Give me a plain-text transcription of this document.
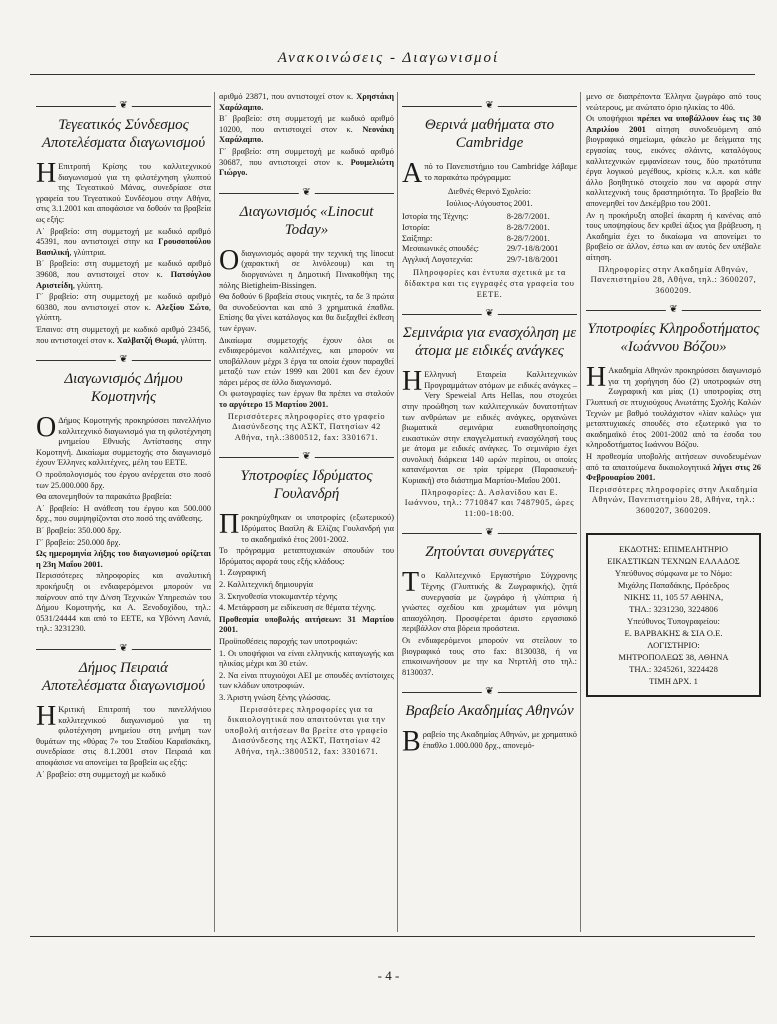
Ανακοινώσεις - Διαγωνισμοί
❦
Τεγεατικός Σύνδεσμος Αποτελέσματα διαγωνισμού

Η Επιτροπή Κρίσης του καλλιτεχνικού διαγωνισμού για τη φιλοτέχνηση γλυπτού της Τεγεατικού Μάνας, συνεδρίασε στα γραφεία του Τεγεατικού Συνδέσμου στην Αθήνα, στις 3.1.2001 και αποφάσισε να δοθούν τα βραβεία ως εξής:

Α΄ βραβείο: στη συμμετοχή με κωδικό αριθμό 45391, που αντιστοιχεί στην κα Γρουσοπούλου Βασιλική, γλύπτρια.

Β΄ βραβείο: στη συμμετοχή με κωδικό αριθμό 39608, που αντιστοιχεί στον κ. Πατσόγλου Αριστείδη, γλύπτη.

Γ΄ βραβείο: στη συμμετοχή με κωδικό αριθμό 60380, που αντιστοιχεί στον κ. Αλεξίου Σώτο, γλύπτη.

Έπαινο: στη συμμετοχή με κωδικό αριθμό 23456, που αντιστοιχεί στον κ. Χαλβατζή Θωμά, γλύπτη.

❦
Διαγωνισμός Δήμου Κομοτηνής

Ο Δήμος Κομοτηνής προκηρύσσει πανελλήνιο καλλιτεχνικό διαγωνισμό για τη φιλοτέχνηση μνημείου Εθνικής Αντίστασης στην Κομοτηνή. Δικαίωμα συμμετοχής στο διαγωνισμό έχουν Έλληνες καλλιτέχνες, μέλη του ΕΕΤΕ.

Ο προϋπολογισμός του έργου ανέρχεται στο ποσό των 25.000.000 δρχ.

Θα απονεμηθούν τα παρακάτω βραβεία:

Α΄ βραβείο: Η ανάθεση του έργου και 500.000 δρχ., που συμψηφίζονται στο ποσό της ανάθεσης.

Β΄ βραβείο: 350.000 δρχ.

Γ΄ βραβείο: 250.000 δρχ.

Ως ημερομηνία λήξης του διαγωνισμού ορίζεται η 23η Μαΐου 2001.

Περισσότερες πληροφορίες και αναλυτική προκήρυξη οι ενδιαφερόμενοι μπορούν να παίρνουν από την Δ/νση Τεχνικών Υπηρεσιών του Δήμου Κομοτηνής, κα Α. Ξενοδοχίδου, τηλ.: 0531/24444 και από το ΕΕΤΕ, κα Υβόννη Λανιά, τηλ.: 3231230.

❦
Δήμος Πειραιά Αποτελέσματα διαγωνισμού

Η Κριτική Επιτροπή του πανελλήνιου καλλιτεχνικού διαγωνισμού για τη φιλοτέχνηση μνημείου στη μνήμη των θυμάτων της «θύρας 7» του Σταδίου Καραϊσκάκη, συνεδρίασε στις 8.1.2001 στον Πειραιά και αποφάσισε να απονείμει τα βραβεία ως εξής:

Α΄ βραβείο: στη συμμετοχή με κωδικό

αριθμό 23871, που αντιστοιχεί στον κ. Χρηστάκη Χαράλαμπο.

Β΄ βραβείο: στη συμμετοχή με κωδικό αριθμό 10200, που αντιστοιχεί στον κ. Νεονάκη Χαράλαμπο.

Γ΄ βραβείο: στη συμμετοχή με κωδικό αριθμό 30687, που αντιστοιχεί στον κ. Ρουμελιώτη Γιώργο.

❦
Διαγωνισμός «Linocut Today»

Οδιαγωνισμός αφορά την τεχνική της linocut (χαρακτική σε λινόλεουμ) και τη διοργανώνει η Δημοτική Πινακοθήκη της πόλης Bietigheim-Bissingen.

Θα δοθούν 6 βραβεία στους νικητές, τα δε 3 πρώτα θα συνοδεύονται και από 3 χρηματικά έπαθλα. Επίσης θα γίνει κατάλογος και θα διεξαχθεί έκθεση των έργων.

Δικαίωμα συμμετοχής έχουν όλοι οι ενδιαφερόμενοι καλλιτέχνες, και μπορούν να υποβάλλουν μέχρι 3 έργα τα οποία έχουν παραχθεί μεταξύ των ετών 1999 και 2001 και δεν έχουν πάρει μέρος σε άλλο διαγωνισμό.

Οι φωτογραφίες των έργων θα πρέπει να σταλούν το αργότερο 15 Μαρτίου 2001.

Περισσότερες πληροφορίες στο γραφείο Διασύνδεσης της ΑΣΚΤ, Πατησίων 42 Αθήνα, τηλ.:3800512, fax: 3301671.

❦
Υποτροφίες Ιδρύματος Γουλανδρή

Προκηρύχθηκαν οι υποτροφίες (εξωτερικού) Ιδρύματος Βασίλη & Ελίζας Γουλανδρή για το ακαδημαϊκό έτος 2001-2002.

Το πρόγραμμα μεταπτυχιακών σπουδών του Ιδρύματος αφορά τους εξής κλάδους:

1. Ζωγραφική

2. Καλλιτεχνική δημιουργία

3. Σκηνοθεσία ντοκυμαντέρ τέχνης

4. Μετάφραση με ειδίκευση σε θέματα τέχνης.

Προθεσμία υποβολής αιτήσεων: 31 Μαρτίου 2001.

Προϋποθέσεις παροχής των υποτροφιών:

1. Οι υποψήφιοι να είναι ελληνικής καταγωγής και ηλικίας μέχρι και 30 ετών.

2. Να είναι πτυχιούχοι ΑΕΙ με σπουδές αντίστοιχες των κλάδων υποτροφιών.

3. Άριστη γνώση ξένης γλώσσας.

Περισσότερες πληροφορίες για τα δικαιολογητικά που απαιτούνται για την υποβολή αιτήσεων θα βρείτε στο γραφείο Διασύνδεσης της ΑΣΚΤ, Πατησίων 42 Αθήνα, τηλ.:3800512, fax: 3301671.

❦
Θερινά μαθήματα στο Cambridge

Από το Πανεπιστήμιο του Cambridge λάβαμε το παρακάτω πρόγραμμα:

Διεθνές Θερινό Σχολείο:

Ιούλιος-Αύγουστος 2001.

Ιστορία της Τέχνης:	8-28/7/2001.
Ιστορία:	8-28/7/2001.
Σαίξπηρ:	8-28/7/2001.
Μεσαιωνικές σπουδές:	29/7-18/8/2001
Αγγλική Λογοτεχνία:	29/7-18/8/2001

Πληροφορίες και έντυπα σχετικά με τα δίδακτρα και τις εγγραφές στα γραφεία του ΕΕΤΕ.

❦
Σεμινάρια για ενασχόληση με άτομα με ειδικές ανάγκες

Η Ελληνική Εταιρεία Καλλιτεχνικών Προγραμμάτων ατόμων με ειδικές ανάγκες – Very Speweial Arts Hellas, που στοχεύει στην προώθηση των καλλιτεχνικών δυνατοτήτων των ανθρώπων με ειδικές ανάγκες, οργανώνει βιωματικά σεμινάρια ευαισθητοποίησης εικαστικών στην επαγγελματική ενασχόλησή τους με άτομα με ειδικές ανάγκες. Το σεμινάριο έχει συνολική διάρκεια 140 ωρών περίπου, οι οποίες κατανέμονται σε τρία τρίμερα (Παρασκευή-Κυριακή) στο διάστημα Μαρτίου-Μαΐου 2001.

Πληροφορίες: Δ. Ασλανίδου και Ε. Ιωάννου, τηλ.: 7710847 και 7487905, ώρες 11:00-18:00.

❦
Ζητούνται συνεργάτες

Το Καλλιτεχνικό Εργαστήριο Σύγχρονης Τέχνης (Γλυπτικής & Ζωγραφικής), ζητά συνεργασία με ζωγράφο ή γλύπτρια ή γνώστες σχεδίου και χρωμάτων για μόνιμη απασχόληση. Προσφέρεται άριστο εργασιακό περιβάλλον στα βόρεια προάστεια.

Οι ενδιαφερόμενοι μπορούν να στείλουν το βιογραφικό τους στο fax: 8130038, ή να επικοινωνήσουν με την κα Ντρττλή στο τηλ.: 8130037.

❦
Βραβείο Ακαδημίας Αθηνών

Βραβείο της Ακαδημίας Αθηνών, με χρηματικό έπαθλο 1.000.000 δρχ., απονεμό-

μενο σε διαπρέποντα Έλληνα ζωγράφο από τους νεώτερους, με ανώτατο όριο ηλικίας το 40ό.

Οι υποψήφιοι πρέπει να υποβάλλουν έως τις 30 Απριλίου 2001 αίτηση συνοδευόμενη από βιογραφικό σημείωμα, φάκελο με δείγματα της εργασίας τους, εικόνες σλάιντς, καταλόγους καλλιτεχνικών εμφανίσεων τους, δύο πρωτότυπα έργα λογικού μεγέθους, κρίσεις κ.λ.π. και κάθε άλλο βοηθητικό στοιχείο που να αφορά στην καλλιτεχνική τους δραστηριότητα. Το βραβείο θα απονεμηθεί τον Δεκέμβριο του 2001.

Αν η προκήρυξη αποβεί άκαρπη ή κανένας από τους υποψηφίους δεν κριθεί άξιος για βράβευση, η Ακαδημία έχει το δικαίωμα να απονείμει το βραβείο σε άλλον, έστω και αν αυτός δεν υπέβαλε αίτηση.

Πληροφορίες στην Ακαδημία Αθηνών, Πανεπιστημίου 28, Αθήνα, τηλ.: 3600207, 3600209.

❦
Υποτροφίες Κληροδοτήματος «Ιωάννου Βόζου»

Η Ακαδημία Αθηνών προκηρύσσει διαγωνισμό για τη χορήγηση δύο (2) υποτροφιών στη Ζωγραφική και μίας (1) υποτροφίας στη Γλυπτική σε πτυχιούχους Ανωτάτης Σχολής Καλών Τεχνών με βαθμό τουλάχιστον «λίαν καλώς» για μεταπτυχιακές σπουδές στο εξωτερικό για το ακαδημαϊκό έτος 2001-2002 από τα έσοδα του κληροδοτήματος Ιωάννου Βόζου.

Η προθεσμία υποβολής αιτήσεων συνοδευμένων από τα απαιτούμενα δικαιολογητικά λήγει στις 26 Φεβρουαρίου 2001.

Περισσότερες πληροφορίες στην Ακαδημία Αθηνών, Πανεπιστημίου 28, Αθήνα, τηλ.: 3600207, 3600209.

ΕΚΔΟΤΗΣ: ΕΠΙΜΕΛΗΤΗΡΙΟ
ΕΙΚΑΣΤΙΚΩΝ ΤΕΧΝΩΝ ΕΛΛΑΔΟΣ
Υπεύθυνος σύμφωνα με το Νόμο:
Μιχάλης Παπαδάκης, Πρόεδρος
ΝΙΚΗΣ 11, 105 57 ΑΘΗΝΑ,
ΤΗΛ.: 3231230, 3224806
Υπεύθυνος Τυπογραφείου:
Ε. ΒΑΡΒΑΚΗΣ & ΣΙΑ Ο.Ε.
ΛΟΓΙΣΤΗΡΙΟ:
ΜΗΤΡΟΠΟΛΕΩΣ 38, ΑΘΗΝΑ
ΤΗΛ.: 3245261, 3224428
ΤΙΜΗ ΔΡΧ. 1
- 4 -
